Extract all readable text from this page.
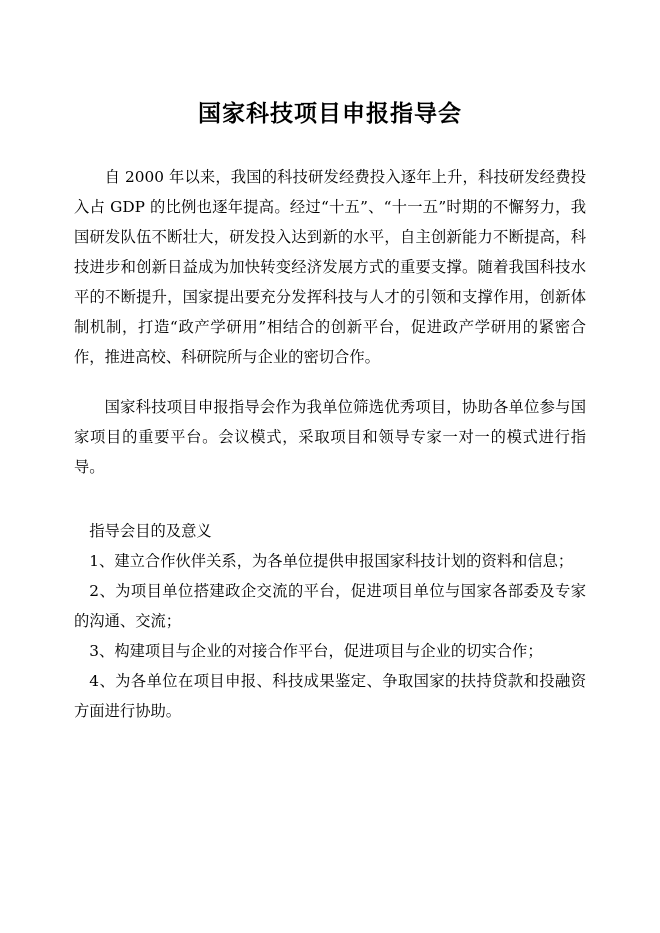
国家科技项目申报指导会

自 2000 年以来，我国的科技研发经费投入逐年上升，科技研发经费投入占 GDP 的比例也逐年提高。经过“十五”、“十一五”时期的不懈努力，我国研发队伍不断壮大，研发投入达到新的水平，自主创新能力不断提高，科技进步和创新日益成为加快转变经济发展方式的重要支撑。随着我国科技水平的不断提升，国家提出要充分发挥科技与人才的引领和支撑作用，创新体制机制，打造“政产学研用”相结合的创新平台，促进政产学研用的紧密合作，推进高校、科研院所与企业的密切合作。

国家科技项目申报指导会作为我单位筛选优秀项目，协助各单位参与国家项目的重要平台。会议模式，采取项目和领导专家一对一的模式进行指导。

指导会目的及意义

1、建立合作伙伴关系，为各单位提供申报国家科技计划的资料和信息；

2、为项目单位搭建政企交流的平台，促进项目单位与国家各部委及专家的沟通、交流；

3、构建项目与企业的对接合作平台，促进项目与企业的切实合作；

4、为各单位在项目申报、科技成果鉴定、争取国家的扶持贷款和投融资方面进行协助。
